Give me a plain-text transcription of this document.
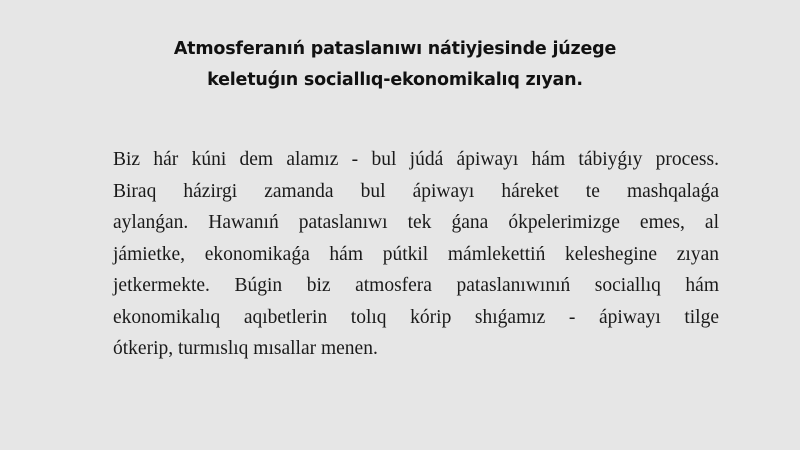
Atmosferanıń pataslanıwı nátiyjesinde júzege
keletuǵın sociallıq-ekonomikalıq zıyan.
Biz hár kúni dem alamız - bul júdá ápiwayı hám tábiyǵıy process.
Biraq házirgi zamanda bul ápiwayı háreket te mashqalaǵa
aylanǵan. Hawanıń pataslanıwı tek ǵana ókpelerimizge emes, al
jámietke, ekonomikaǵa hám pútkil mámlekettiń keleshegine zıyan
jetkermekte. Búgin biz atmosfera pataslanıwınıń sociallıq hám
ekonomikalıq aqıbetlerin tolıq kórip shıǵamız - ápiwayı tilge
ótkerip, turmıslıq mısallar menen.
